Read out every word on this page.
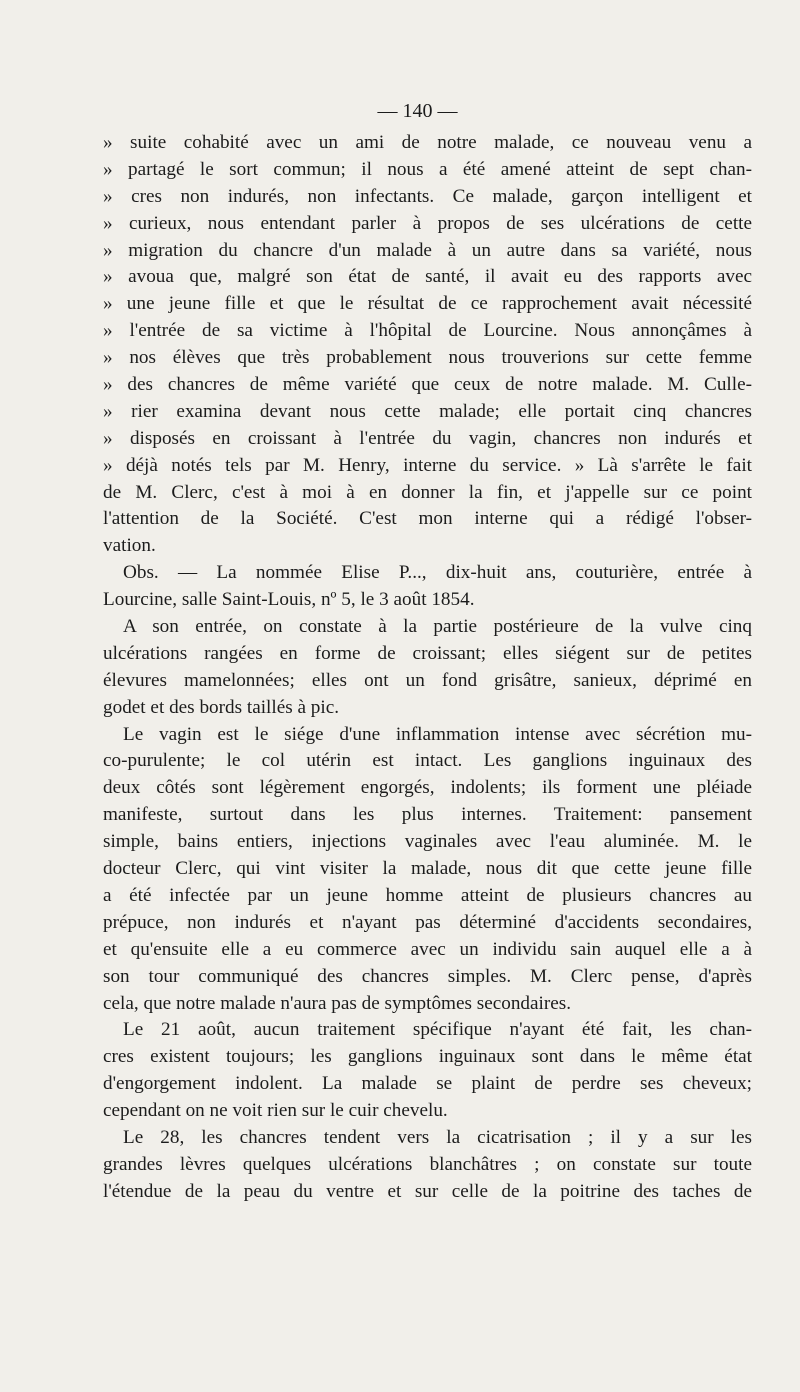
— 140 —
» suite cohabité avec un ami de notre malade, ce nouveau venu a
» partagé le sort commun; il nous a été amené atteint de sept chan-
» cres non indurés, non infectants. Ce malade, garçon intelligent et
» curieux, nous entendant parler à propos de ses ulcérations de cette
» migration du chancre d'un malade à un autre dans sa variété, nous
» avoua que, malgré son état de santé, il avait eu des rapports avec
» une jeune fille et que le résultat de ce rapprochement avait nécessité
» l'entrée de sa victime à l'hôpital de Lourcine. Nous annonçâmes à
» nos élèves que très probablement nous trouverions sur cette femme
» des chancres de même variété que ceux de notre malade. M. Culle-
» rier examina devant nous cette malade; elle portait cinq chancres
» disposés en croissant à l'entrée du vagin, chancres non indurés et
» déjà notés tels par M. Henry, interne du service. » Là s'arrête le fait
de M. Clerc, c'est à moi à en donner la fin, et j'appelle sur ce point
l'attention de la Société. C'est mon interne qui a rédigé l'obser-
vation.
Obs. — La nommée Elise P..., dix-huit ans, couturière, entrée à
Lourcine, salle Saint-Louis, nº 5, le 3 août 1854.
A son entrée, on constate à la partie postérieure de la vulve cinq
ulcérations rangées en forme de croissant; elles siégent sur de petites
élevures mamelonnées; elles ont un fond grisâtre, sanieux, déprimé en
godet et des bords taillés à pic.
Le vagin est le siége d'une inflammation intense avec sécrétion mu-
co-purulente; le col utérin est intact. Les ganglions inguinaux des
deux côtés sont légèrement engorgés, indolents; ils forment une pléiade
manifeste, surtout dans les plus internes. Traitement: pansement
simple, bains entiers, injections vaginales avec l'eau aluminée. M. le
docteur Clerc, qui vint visiter la malade, nous dit que cette jeune fille
a été infectée par un jeune homme atteint de plusieurs chancres au
prépuce, non indurés et n'ayant pas déterminé d'accidents secondaires,
et qu'ensuite elle a eu commerce avec un individu sain auquel elle a à
son tour communiqué des chancres simples. M. Clerc pense, d'après
cela, que notre malade n'aura pas de symptômes secondaires.
Le 21 août, aucun traitement spécifique n'ayant été fait, les chan-
cres existent toujours; les ganglions inguinaux sont dans le même état
d'engorgement indolent. La malade se plaint de perdre ses cheveux;
cependant on ne voit rien sur le cuir chevelu.
Le 28, les chancres tendent vers la cicatrisation ; il y a sur les
grandes lèvres quelques ulcérations blanchâtres ; on constate sur toute
l'étendue de la peau du ventre et sur celle de la poitrine des taches de
